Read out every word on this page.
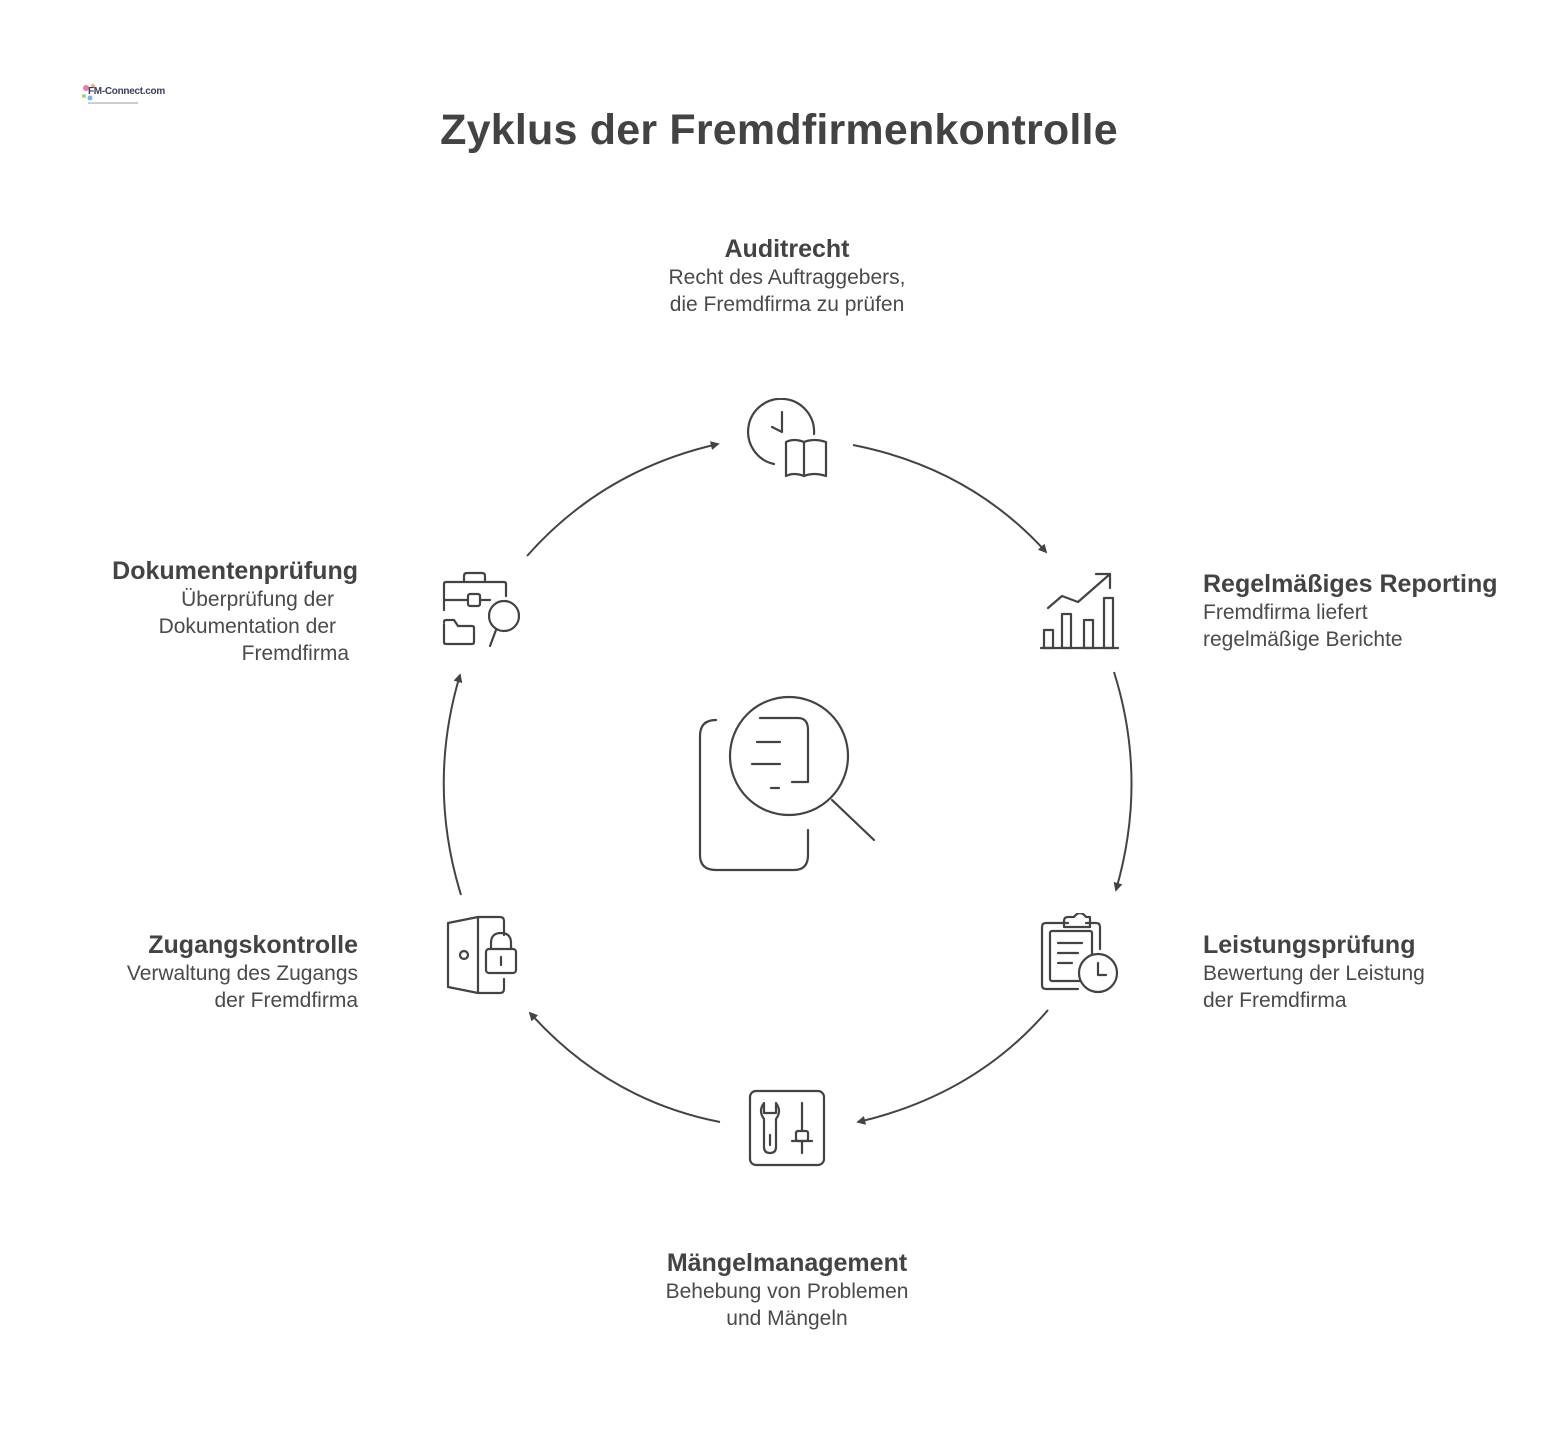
FM-Connect.com
Zyklus der Fremdfirmenkontrolle
Auditrecht
Recht des Auftraggebers,
die Fremdfirma zu prüfen
Regelmäßiges Reporting
Fremdfirma liefert
regelmäßige Berichte
Leistungsprüfung
Bewertung der Leistung
der Fremdfirma
Mängelmanagement
Behebung von Problemen
und Mängeln
Zugangskontrolle
Verwaltung des Zugangs
der Fremdfirma
Dokumentenprüfung
Überprüfung der
Dokumentation der
Fremdfirma
